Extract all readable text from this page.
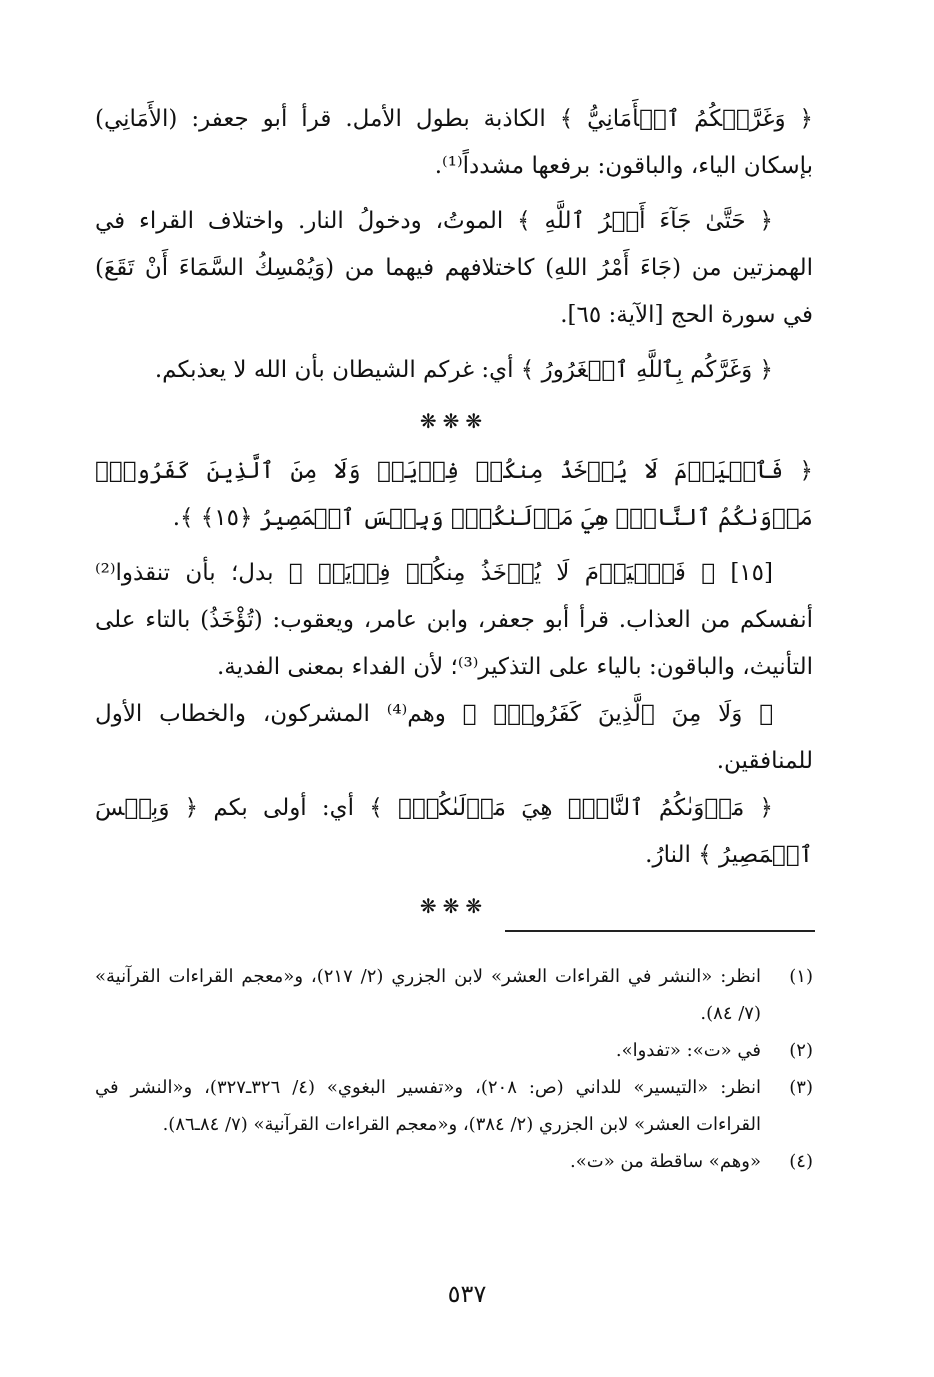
﴿ وَغَرَّتۡكُمُ ٱلۡأَمَانِيُّ ﴾ الكاذبة بطول الأمل. قرأ أبو جعفر: (الأَمَانِي) بإسكان الياء، والباقون: برفعها مشدداً⁽¹⁾.

﴿ حَتَّىٰ جَآءَ أَمۡرُ ٱللَّهِ ﴾ الموتُ، ودخولُ النار. واختلاف القراء في الهمزتين من (جَاءَ أَمْرُ اللهِ) كاختلافهم فيهما من (وَيُمْسِكُ السَّمَاءَ أَنْ تَقَعَ) في سورة الحج [الآية: ٦٥].

﴿ وَغَرَّكُم بِٱللَّهِ ٱلۡغَرُورُ ﴾ أي: غركم الشيطان بأن الله لا يعذبكم.

❋❋❋

﴿ فَٱلۡيَوۡمَ لَا يُؤۡخَذُ مِنكُمۡ فِدۡيَةٞ وَلَا مِنَ ٱلَّذِينَ كَفَرُواْۚ مَأۡوَىٰكُمُ ٱلنَّارُۖ هِيَ مَوۡلَىٰكُمۡۖ وَبِئۡسَ ٱلۡمَصِيرُ ﴿١٥﴾ ﴾.

[١٥] ﴿ فَٱلۡيَوۡمَ لَا يُؤۡخَذُ مِنكُمۡ فِدۡيَةٞ ﴾ بدل؛ بأن تنقذوا⁽²⁾ أنفسكم من العذاب. قرأ أبو جعفر، وابن عامر، ويعقوب: (تُؤْخَذُ) بالتاء على التأنيث، والباقون: بالياء على التذكير⁽³⁾؛ لأن الفداء بمعنى الفدية.

﴿ وَلَا مِنَ ٱلَّذِينَ كَفَرُواْۚ ﴾ وهم⁽⁴⁾ المشركون، والخطاب الأول للمنافقين.

﴿ مَأۡوَىٰكُمُ ٱلنَّارُۖ هِيَ مَوۡلَىٰكُمۡۖ ﴾ أي: أولى بكم ﴿ وَبِئۡسَ ٱلۡمَصِيرُ ﴾ النارُ.

❋❋❋
(١)
انظر: «النشر في القراءات العشر» لابن الجزري (٢/ ٢١٧)، و«معجم القراءات القرآنية» (٧/ ٨٤).
(٢)
في «ت»: «تفدوا».
(٣)
انظر: «التيسير» للداني (ص: ٢٠٨)، و«تفسير البغوي» (٤/ ٣٢٦ـ٣٢٧)، و«النشر في القراءات العشر» لابن الجزري (٢/ ٣٨٤)، و«معجم القراءات القرآنية» (٧/ ٨٤ـ٨٦).
(٤)
«وهم» ساقطة من «ت».
٥٣٧
